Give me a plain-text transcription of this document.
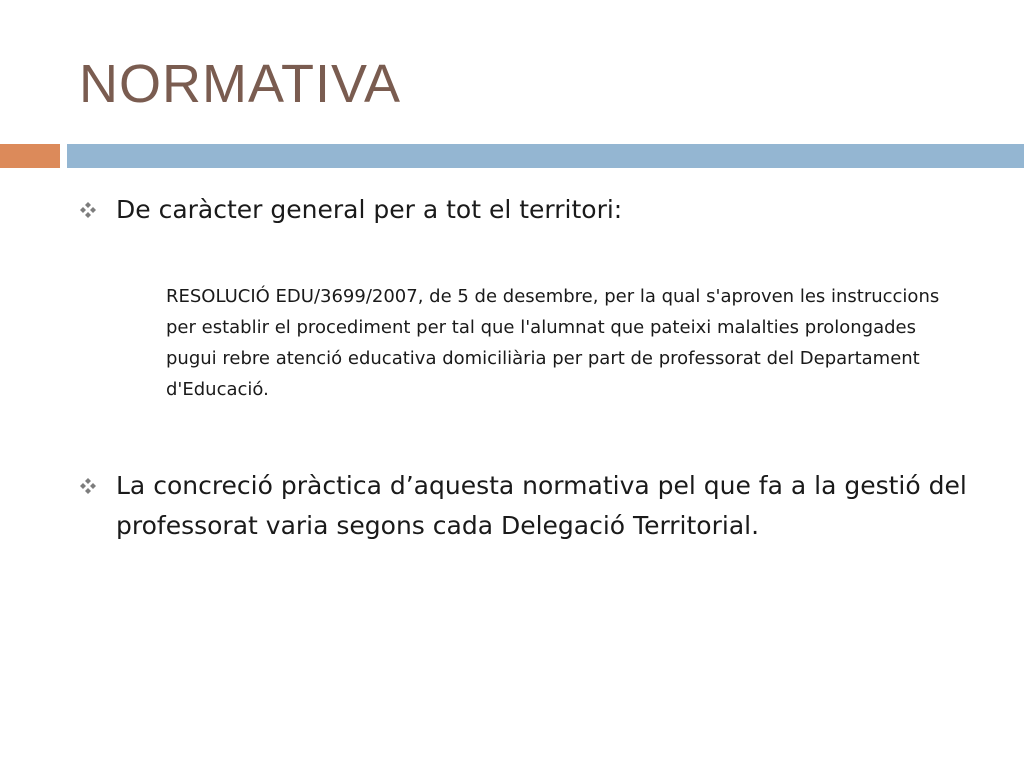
NORMATIVA
De caràcter general per a tot el territori:
RESOLUCIÓ EDU/3699/2007, de 5 de desembre, per la qual s'aproven les instruccions per establir el procediment per tal que l'alumnat que pateixi malalties prolongades pugui rebre atenció educativa domiciliària per part de professorat del Departament d'Educació.
La concreció pràctica d’aquesta normativa pel que fa a la gestió del professorat varia segons cada Delegació Territorial.
